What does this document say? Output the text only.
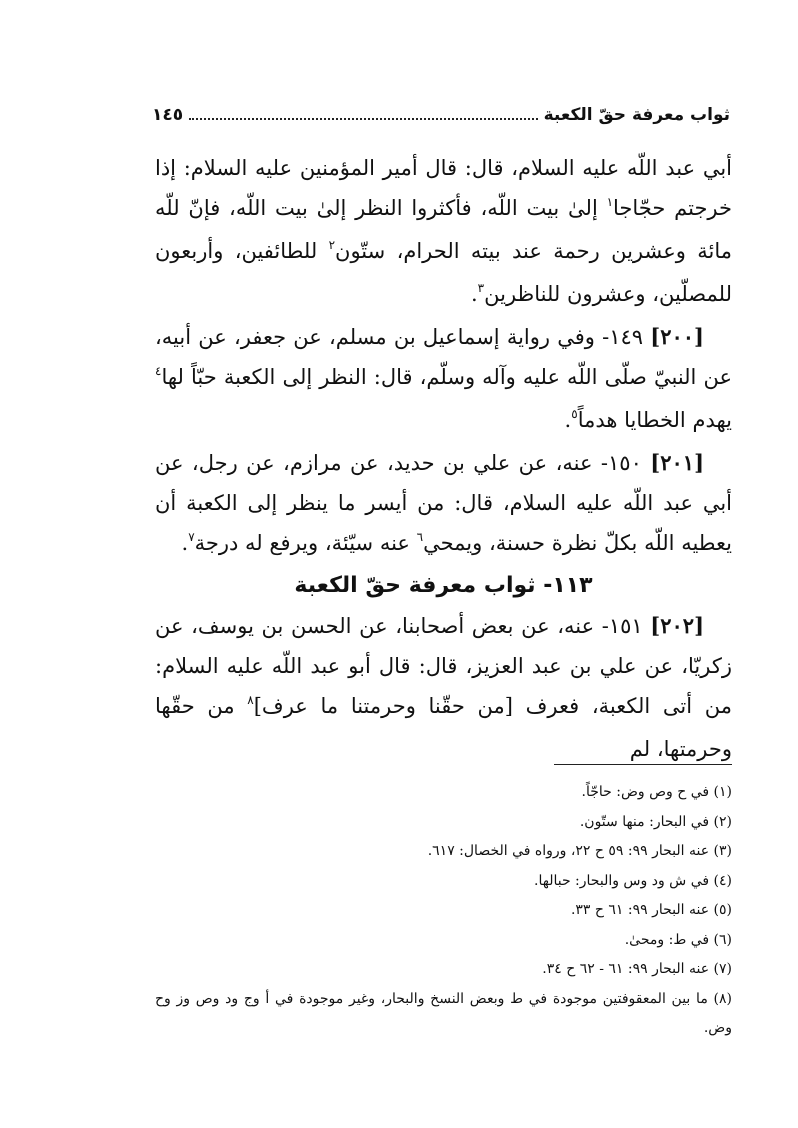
ثواب معرفة حقّ الكعبة
١٤٥

أبي عبد اللّه عليه السلام، قال: قال أمير المؤمنين عليه السلام: إذا خرجتم حجّاجا$^١$ إلىٰ بيت اللّه، فأكثروا النظر إلىٰ بيت اللّه، فإنّ للّه مائة وعشرين رحمة عند بيته الحرام، ستّون$^٢$ للطائفين، وأربعون للمصلّين، وعشرون للناظرين$^٣$.

[٢٠٠] ١٤٩- وفي رواية إسماعيل بن مسلم، عن جعفر، عن أبيه، عن النبيّ صلّى اللّه عليه وآله وسلّم، قال: النظر إلى الكعبة حبّاً لها$^٤$ يهدم الخطايا هدماً$^٥$.

[٢٠١] ١٥٠- عنه، عن علي بن حديد، عن مرازم، عن رجل، عن أبي عبد اللّه عليه السلام، قال: من أيسر ما ينظر إلى الكعبة أن يعطيه اللّه بكلّ نظرة حسنة، ويمحي$^٦$ عنه سيّئة، ويرفع له درجة$^٧$.

١١٣- ثواب معرفة حقّ الكعبة

[٢٠٢] ١٥١- عنه، عن بعض أصحابنا، عن الحسن بن يوسف، عن زكريّا، عن علي بن عبد العزيز، قال: قال أبو عبد اللّه عليه السلام: من أتى الكعبة، فعرف [من حقّنا وحرمتنا ما عرف]$^٨$ من حقّها وحرمتها، لم

(١) في ح وص وض: حاجّاً.

(٢) في البحار: منها ستّون.

(٣) عنه البحار ٩٩: ٥٩ ح ٢٢، ورواه في الخصال: ٦١٧.

(٤) في ش ود وس والبحار: حبالها.

(٥) عنه البحار ٩٩: ٦١ ح ٣٣.

(٦) في ط: ومحىٰ.

(٧) عنه البحار ٩٩: ٦١ - ٦٢ ح ٣٤.

(٨) ما بين المعقوفتين موجودة في ط وبعض النسخ والبحار، وغير موجودة في أ وج ود وص وز وح وض.
